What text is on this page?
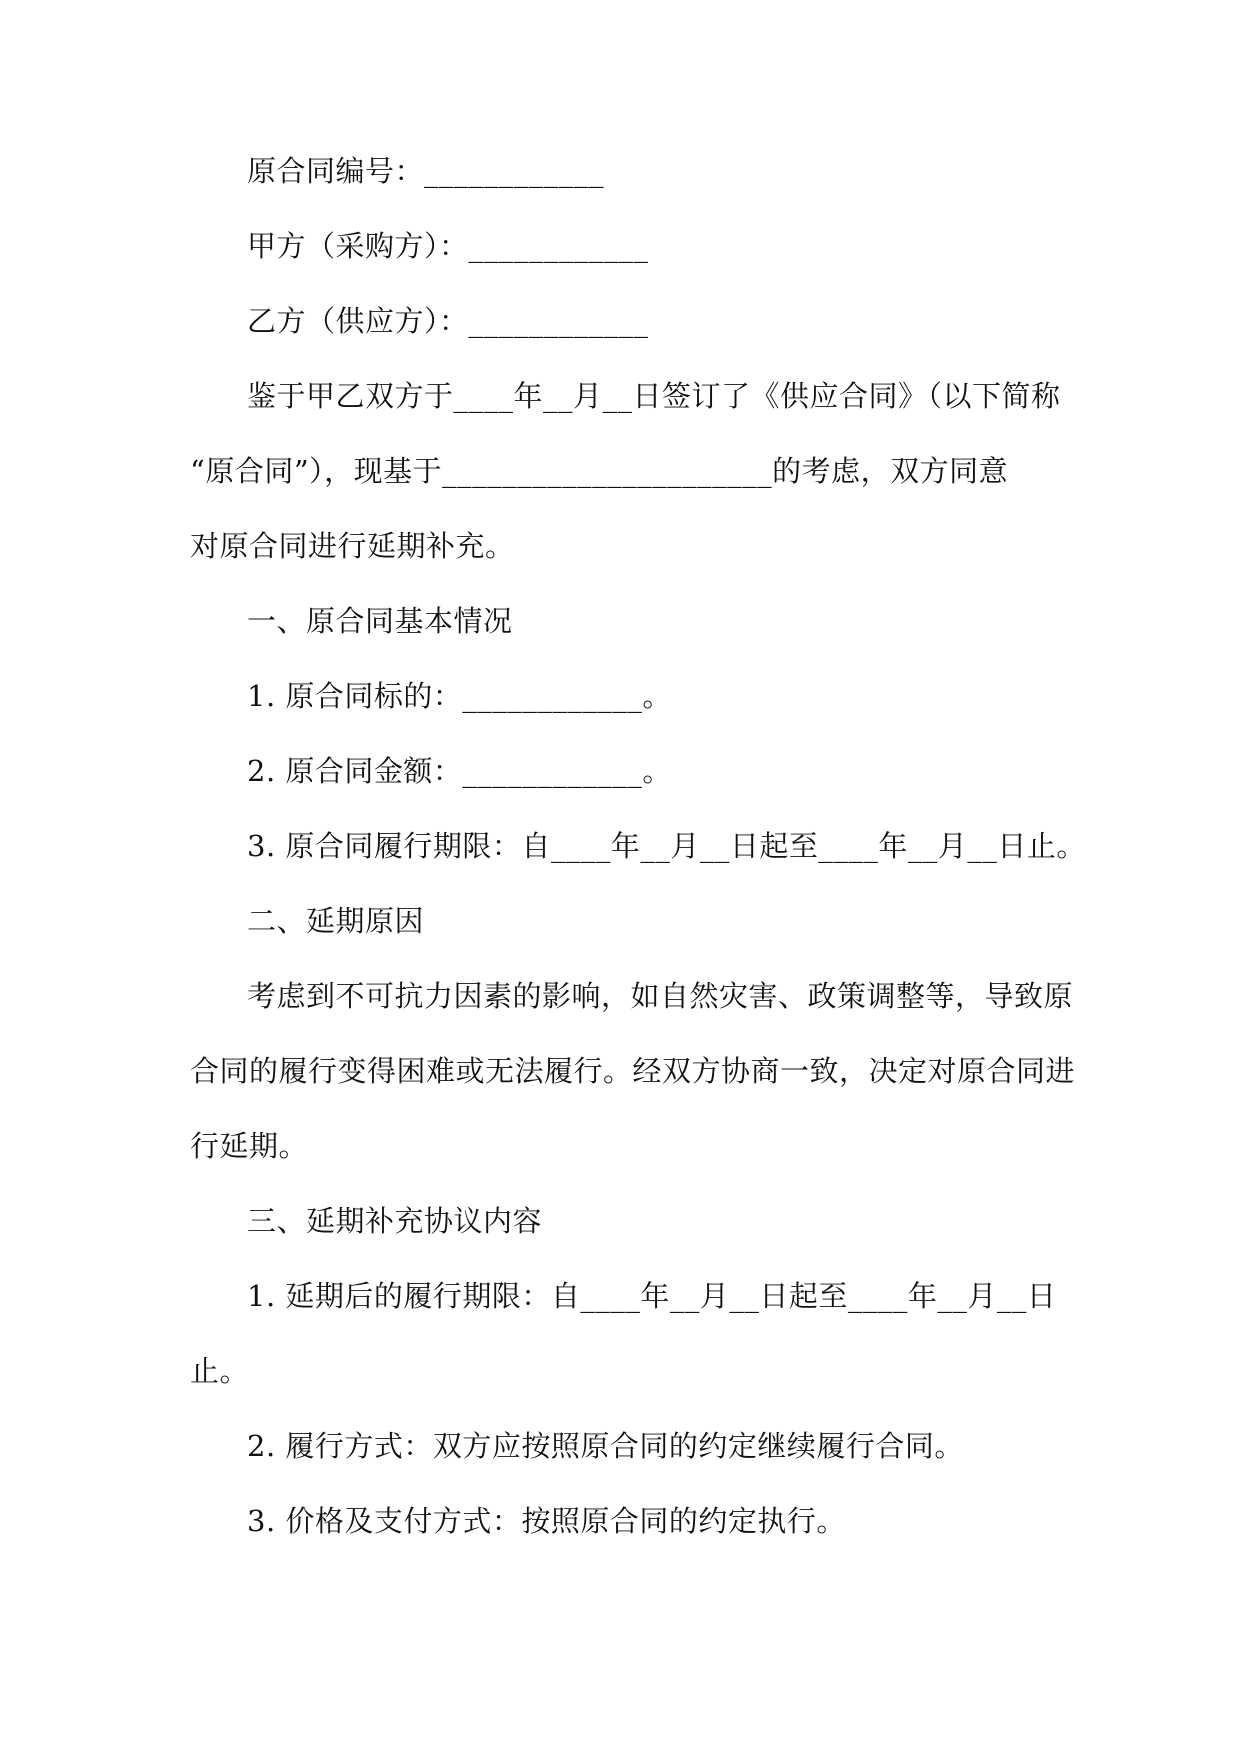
原合同编号：____________
甲方（采购方）：____________
乙方（供应方）：____________
鉴于甲乙双方于____年__月__日签订了《供应合同》（以下简称
“原合同”），现基于______________________的考虑，双方同意
对原合同进行延期补充。
一、原合同基本情况
1. 原合同标的：____________。
2. 原合同金额：____________。
3. 原合同履行期限：自____年__月__日起至____年__月__日止。
二、延期原因
考虑到不可抗力因素的影响，如自然灾害、政策调整等，导致原
合同的履行变得困难或无法履行。经双方协商一致，决定对原合同进
行延期。
三、延期补充协议内容
1. 延期后的履行期限：自____年__月__日起至____年__月__日
止。
2. 履行方式：双方应按照原合同的约定继续履行合同。
3. 价格及支付方式：按照原合同的约定执行。
